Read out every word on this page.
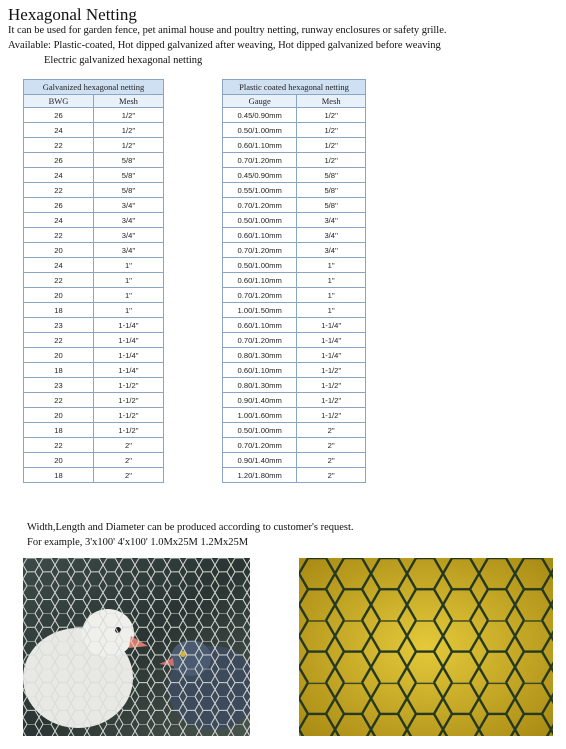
Hexagonal Netting
It can be used for garden fence, pet animal house and poultry netting, runway enclosures or safety grille.
Available: Plastic-coated, Hot dipped galvanized after weaving, Hot dipped galvanized before weaving
Electric galvanized hexagonal netting
Galvanized hexagonal netting	
BWG	Mesh
26	1/2''
24	1/2''
22	1/2''
26	5/8''
24	5/8''
22	5/8''
26	3/4''
24	3/4''
22	3/4''
20	3/4''
24	1''
22	1''
20	1''
18	1''
23	1-1/4''
22	1-1/4''
20	1-1/4''
18	1-1/4''
23	1-1/2''
22	1-1/2''
20	1-1/2''
18	1-1/2''
22	2''
20	2''
18	2''
Plastic coated hexagonal netting	
Gauge	Mesh
0.45/0.90mm	1/2''
0.50/1.00mm	1/2''
0.60/1.10mm	1/2''
0.70/1.20mm	1/2''
0.45/0.90mm	5/8''
0.55/1.00mm	5/8''
0.70/1.20mm	5/8''
0.50/1.00mm	3/4''
0.60/1.10mm	3/4''
0.70/1.20mm	3/4''
0.50/1.00mm	1''
0.60/1.10mm	1''
0.70/1.20mm	1''
1.00/1.50mm	1''
0.60/1.10mm	1-1/4''
0.70/1.20mm	1-1/4''
0.80/1.30mm	1-1/4''
0.60/1.10mm	1-1/2''
0.80/1.30mm	1-1/2''
0.90/1.40mm	1-1/2''
1.00/1.60mm	1-1/2''
0.50/1.00mm	2''
0.70/1.20mm	2''
0.90/1.40mm	2''
1.20/1.80mm	2''
Width,Length and Diameter can be produced according to customer's request.
For example, 3'x100' 4'x100' 1.0Mx25M 1.2Mx25M
